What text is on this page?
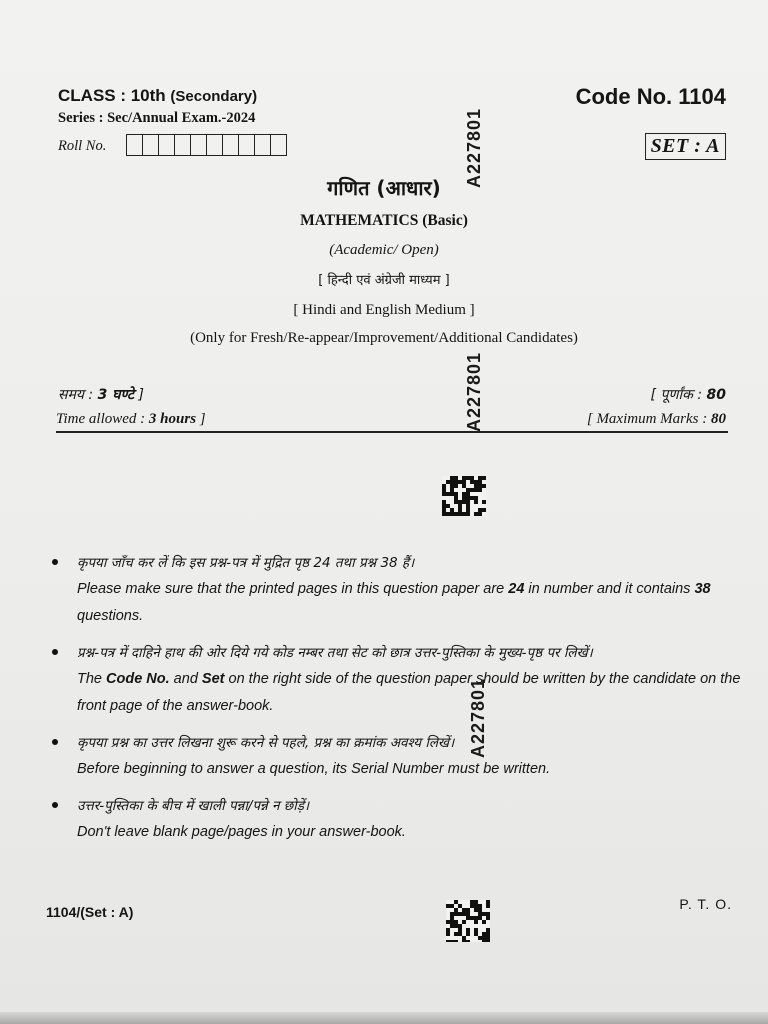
CLASS : 10th (Secondary)	Code No. 1104
Series : Sec/Annual Exam.-2024
Roll No.	SET : A
गणित (आधार)
MATHEMATICS (Basic)
(Academic/ Open)
[ हिन्दी एवं अंग्रेजी माध्यम ]
[ Hindi and English Medium ]
(Only for Fresh/Re-appear/Improvement/Additional Candidates)
समय : 3 घण्टे ]	[ पूर्णांक : 80
Time allowed : 3 hours ]	[ Maximum Marks : 80
A227801
A227801
A227801

कृपया जाँच कर लें कि इस प्रश्न-पत्र में मुद्रित पृष्ठ 24 तथा प्रश्न 38 हैं।

Please make sure that the printed pages in this question paper are 24 in number and it contains 38 questions.

प्रश्न-पत्र में दाहिने हाथ की ओर दिये गये कोड नम्बर तथा सेट को छात्र उत्तर-पुस्तिका के मुख्य-पृष्ठ पर लिखें।

The Code No. and Set on the right side of the question paper should be written by the candidate on the front page of the answer-book.

कृपया प्रश्न का उत्तर लिखना शुरू करने से पहले, प्रश्न का क्रमांक अवश्य लिखें।

Before beginning to answer a question, its Serial Number must be written.

उत्तर-पुस्तिका के बीच में खाली पन्ना/पन्ने न छोड़ें।

Don't leave blank page/pages in your answer-book.

1104/(Set : A)	P. T. O.
